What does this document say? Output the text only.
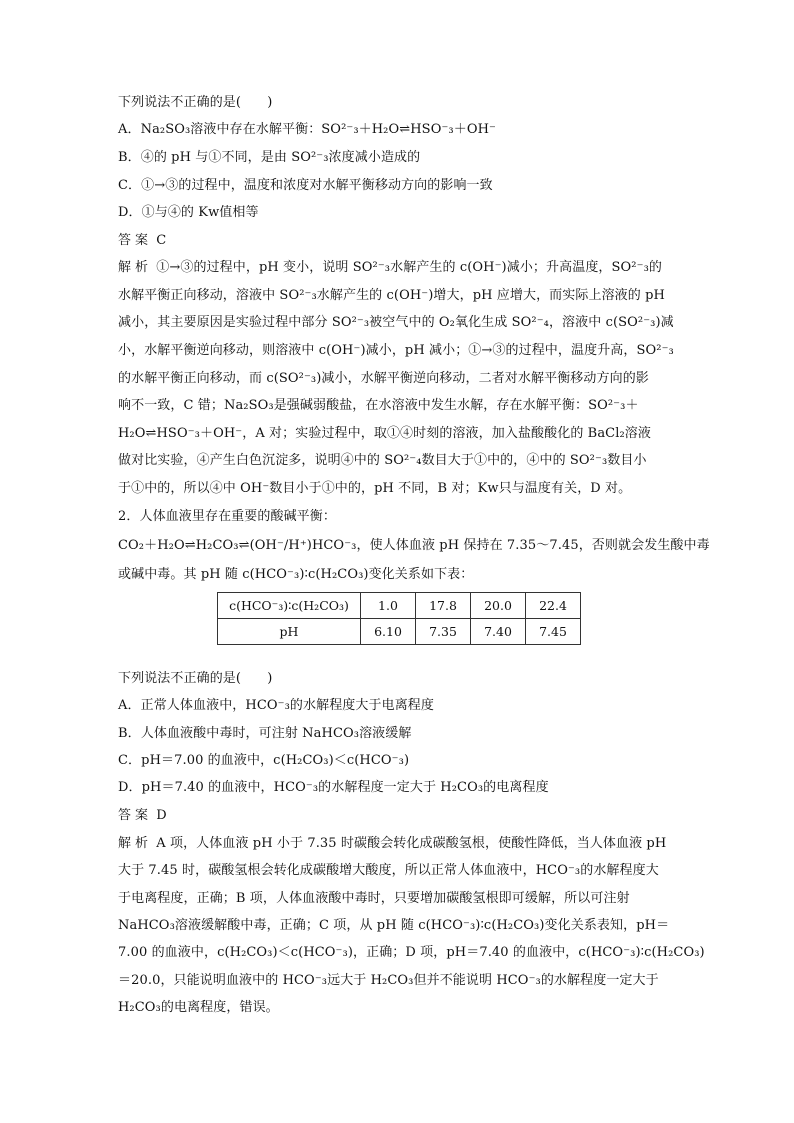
下列说法不正确的是(　　)
A．Na₂SO₃溶液中存在水解平衡：SO²⁻₃＋H₂O⇌HSO⁻₃＋OH⁻
B．④的 pH 与①不同，是由 SO²⁻₃浓度减小造成的
C．①→③的过程中，温度和浓度对水解平衡移动方向的影响一致
D．①与④的 Kw值相等
答案 C
解析 ①→③的过程中，pH 变小，说明 SO²⁻₃水解产生的 c(OH⁻)减小；升高温度，SO²⁻₃的
水解平衡正向移动，溶液中 SO²⁻₃水解产生的 c(OH⁻)增大，pH 应增大，而实际上溶液的 pH
减小，其主要原因是实验过程中部分 SO²⁻₃被空气中的 O₂氧化生成 SO²⁻₄，溶液中 c(SO²⁻₃)减
小，水解平衡逆向移动，则溶液中 c(OH⁻)减小，pH 减小；①→③的过程中，温度升高，SO²⁻₃
的水解平衡正向移动，而 c(SO²⁻₃)减小，水解平衡逆向移动，二者对水解平衡移动方向的影
响不一致，C 错；Na₂SO₃是强碱弱酸盐，在水溶液中发生水解，存在水解平衡：SO²⁻₃＋
H₂O⇌HSO⁻₃＋OH⁻，A 对；实验过程中，取①④时刻的溶液，加入盐酸酸化的 BaCl₂溶液
做对比实验，④产生白色沉淀多，说明④中的 SO²⁻₄数目大于①中的，④中的 SO²⁻₃数目小
于①中的，所以④中 OH⁻数目小于①中的，pH 不同，B 对；Kw只与温度有关，D 对。
2．人体血液里存在重要的酸碱平衡：
CO₂＋H₂O⇌H₂CO₃⇌(OH⁻/H⁺)HCO⁻₃，使人体血液 pH 保持在 7.35～7.45，否则就会发生酸中毒
或碱中毒。其 pH 随 c(HCO⁻₃)∶c(H₂CO₃)变化关系如下表：
c(HCO⁻₃)∶c(H₂CO₃)	1.0	17.8	20.0	22.4
pH	6.10	7.35	7.40	7.45
下列说法不正确的是(　　)
A．正常人体血液中，HCO⁻₃的水解程度大于电离程度
B．人体血液酸中毒时，可注射 NaHCO₃溶液缓解
C．pH＝7.00 的血液中，c(H₂CO₃)＜c(HCO⁻₃)
D．pH＝7.40 的血液中，HCO⁻₃的水解程度一定大于 H₂CO₃的电离程度
答案 D
解析 A 项，人体血液 pH 小于 7.35 时碳酸会转化成碳酸氢根，使酸性降低，当人体血液 pH
大于 7.45 时，碳酸氢根会转化成碳酸增大酸度，所以正常人体血液中，HCO⁻₃的水解程度大
于电离程度，正确；B 项，人体血液酸中毒时，只要增加碳酸氢根即可缓解，所以可注射
NaHCO₃溶液缓解酸中毒，正确；C 项，从 pH 随 c(HCO⁻₃)∶c(H₂CO₃)变化关系表知，pH＝
7.00 的血液中，c(H₂CO₃)＜c(HCO⁻₃)，正确；D 项，pH＝7.40 的血液中，c(HCO⁻₃)∶c(H₂CO₃)
＝20.0，只能说明血液中的 HCO⁻₃远大于 H₂CO₃但并不能说明 HCO⁻₃的水解程度一定大于
H₂CO₃的电离程度，错误。
